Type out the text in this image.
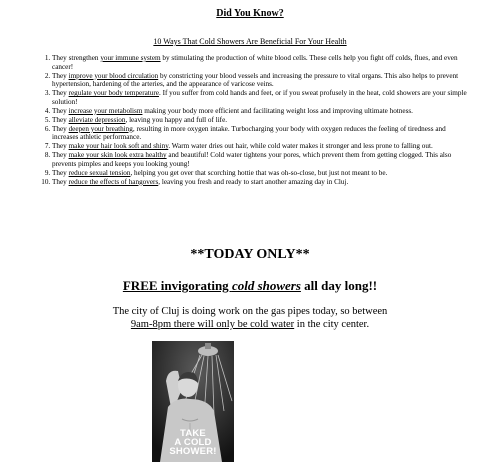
Did You Know?
10 Ways That Cold Showers Are Beneficial For Your Health
1. They strengthen your immune system by stimulating the production of white blood cells. These cells help you fight off colds, flues, and even cancer!
2. They improve your blood circulation by constricting your blood vessels and increasing the pressure to vital organs. This also helps to prevent hypertension, hardening of the arteries, and the appearance of varicose veins.
3. They regulate your body temperature. If you suffer from cold hands and feet, or if you sweat profusely in the heat, cold showers are your simple solution!
4. They increase your metabolism making your body more efficient and facilitating weight loss and improving ultimate hotness.
5. They alleviate depression, leaving you happy and full of life.
6. They deepen your breathing, resulting in more oxygen intake. Turbocharging your body with oxygen reduces the feeling of tiredness and increases athletic performance.
7. They make your hair look soft and shiny. Warm water dries out hair, while cold water makes it stronger and less prone to falling out.
8. They make your skin look extra healthy and beautiful! Cold water tightens your pores, which prevent them from getting clogged. This also prevents pimples and keeps you looking young!
9. They reduce sexual tension, helping you get over that scorching hottie that was oh-so-close, but just not meant to be.
10. They reduce the effects of hangovers, leaving you fresh and ready to start another amazing day in Cluj.
**TODAY ONLY**
FREE invigorating cold showers all day long!!
The city of Cluj is doing work on the gas pipes today, so between
9am-8pm there will only be cold water in the city center.
TAKE
A COLD
SHOWER!
